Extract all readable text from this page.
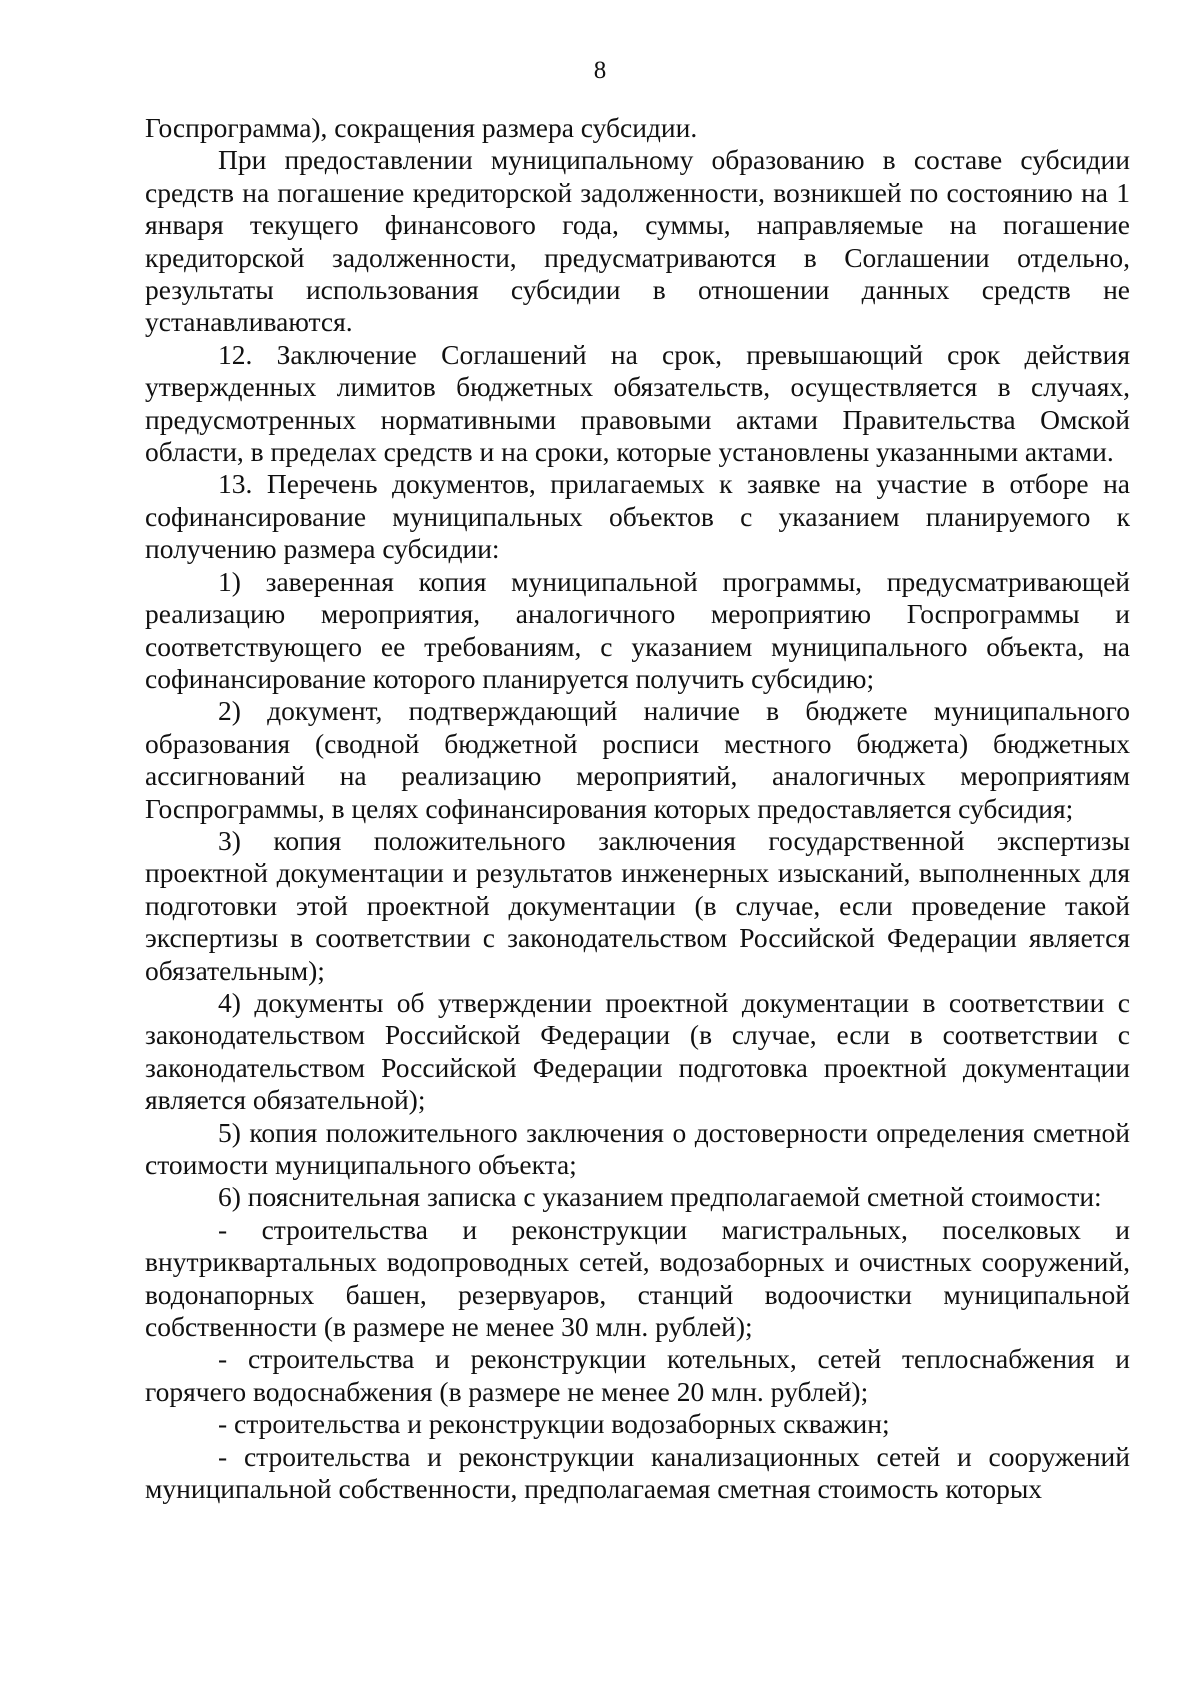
8

Госпрограмма), сокращения размера субсидии.

При предоставлении муниципальному образованию в составе субсидии средств на погашение кредиторской задолженности, возникшей по состоянию на 1 января текущего финансового года, суммы, направляемые на погашение кредиторской задолженности, предусматриваются в Соглашении отдельно, результаты использования субсидии в отношении данных средств не устанавливаются.

12. Заключение Соглашений на срок, превышающий срок действия утвержденных лимитов бюджетных обязательств, осуществляется в случаях, предусмотренных нормативными правовыми актами Правительства Омской области, в пределах средств и на сроки, которые установлены указанными актами.

13. Перечень документов, прилагаемых к заявке на участие в отборе на софинансирование муниципальных объектов с указанием планируемого к получению размера субсидии:

1) заверенная копия муниципальной программы, предусматривающей реализацию мероприятия, аналогичного мероприятию Госпрограммы и соответствующего ее требованиям, с указанием муниципального объекта, на софинансирование которого планируется получить субсидию;

2) документ, подтверждающий наличие в бюджете муниципального образования (сводной бюджетной росписи местного бюджета) бюджетных ассигнований на реализацию мероприятий, аналогичных мероприятиям Госпрограммы, в целях софинансирования которых предоставляется субсидия;

3) копия положительного заключения государственной экспертизы проектной документации и результатов инженерных изысканий, выполненных для подготовки этой проектной документации (в случае, если проведение такой экспертизы в соответствии с законодательством Российской Федерации является обязательным);

4) документы об утверждении проектной документации в соответствии с законодательством Российской Федерации (в случае, если в соответствии с законодательством Российской Федерации подготовка проектной документации является обязательной);

5) копия положительного заключения о достоверности определения сметной стоимости муниципального объекта;

6) пояснительная записка с указанием предполагаемой сметной стоимости:

- строительства и реконструкции магистральных, поселковых и внутриквартальных водопроводных сетей, водозаборных и очистных сооружений, водонапорных башен, резервуаров, станций водоочистки муниципальной собственности (в размере не менее 30 млн. рублей);

- строительства и реконструкции котельных, сетей теплоснабжения и горячего водоснабжения (в размере не менее 20 млн. рублей);

- строительства и реконструкции водозаборных скважин;

- строительства и реконструкции канализационных сетей и сооружений муниципальной собственности, предполагаемая сметная стоимость которых
